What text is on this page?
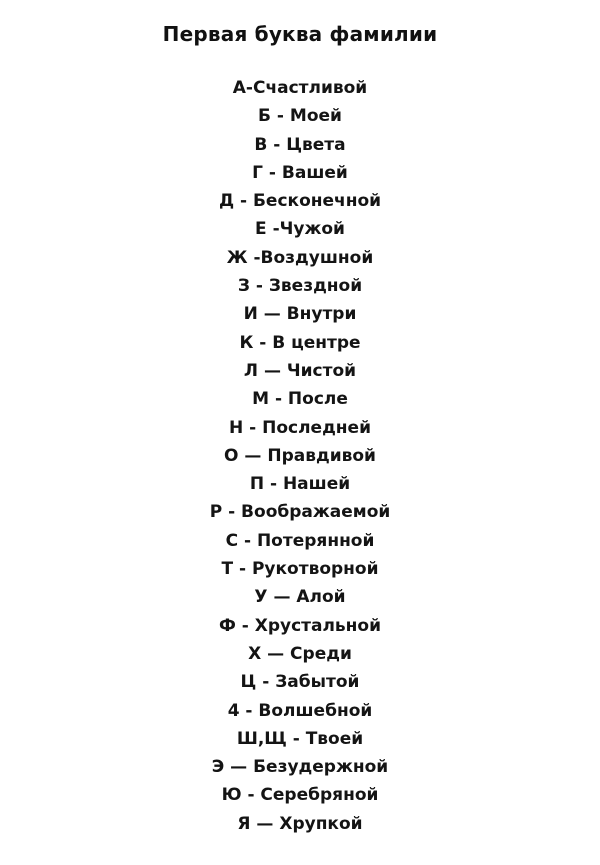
Первая буква фамилии
А-Счастливой
Б - Моей
В - Цвета
Г - Вашей
Д - Бесконечной
Е -Чужой
Ж -Воздушной
З - Звездной
И — Внутри
К - В центре
Л — Чистой
М - После
Н - Последней
О — Правдивой
П - Нашей
Р - Воображаемой
С - Потерянной
Т - Рукотворной
У — Алой
Ф - Хрустальной
Х — Среди
Ц - Забытой
4 - Волшебной
Ш,Щ - Твоей
Э — Безудержной
Ю - Серебряной
Я — Хрупкой
